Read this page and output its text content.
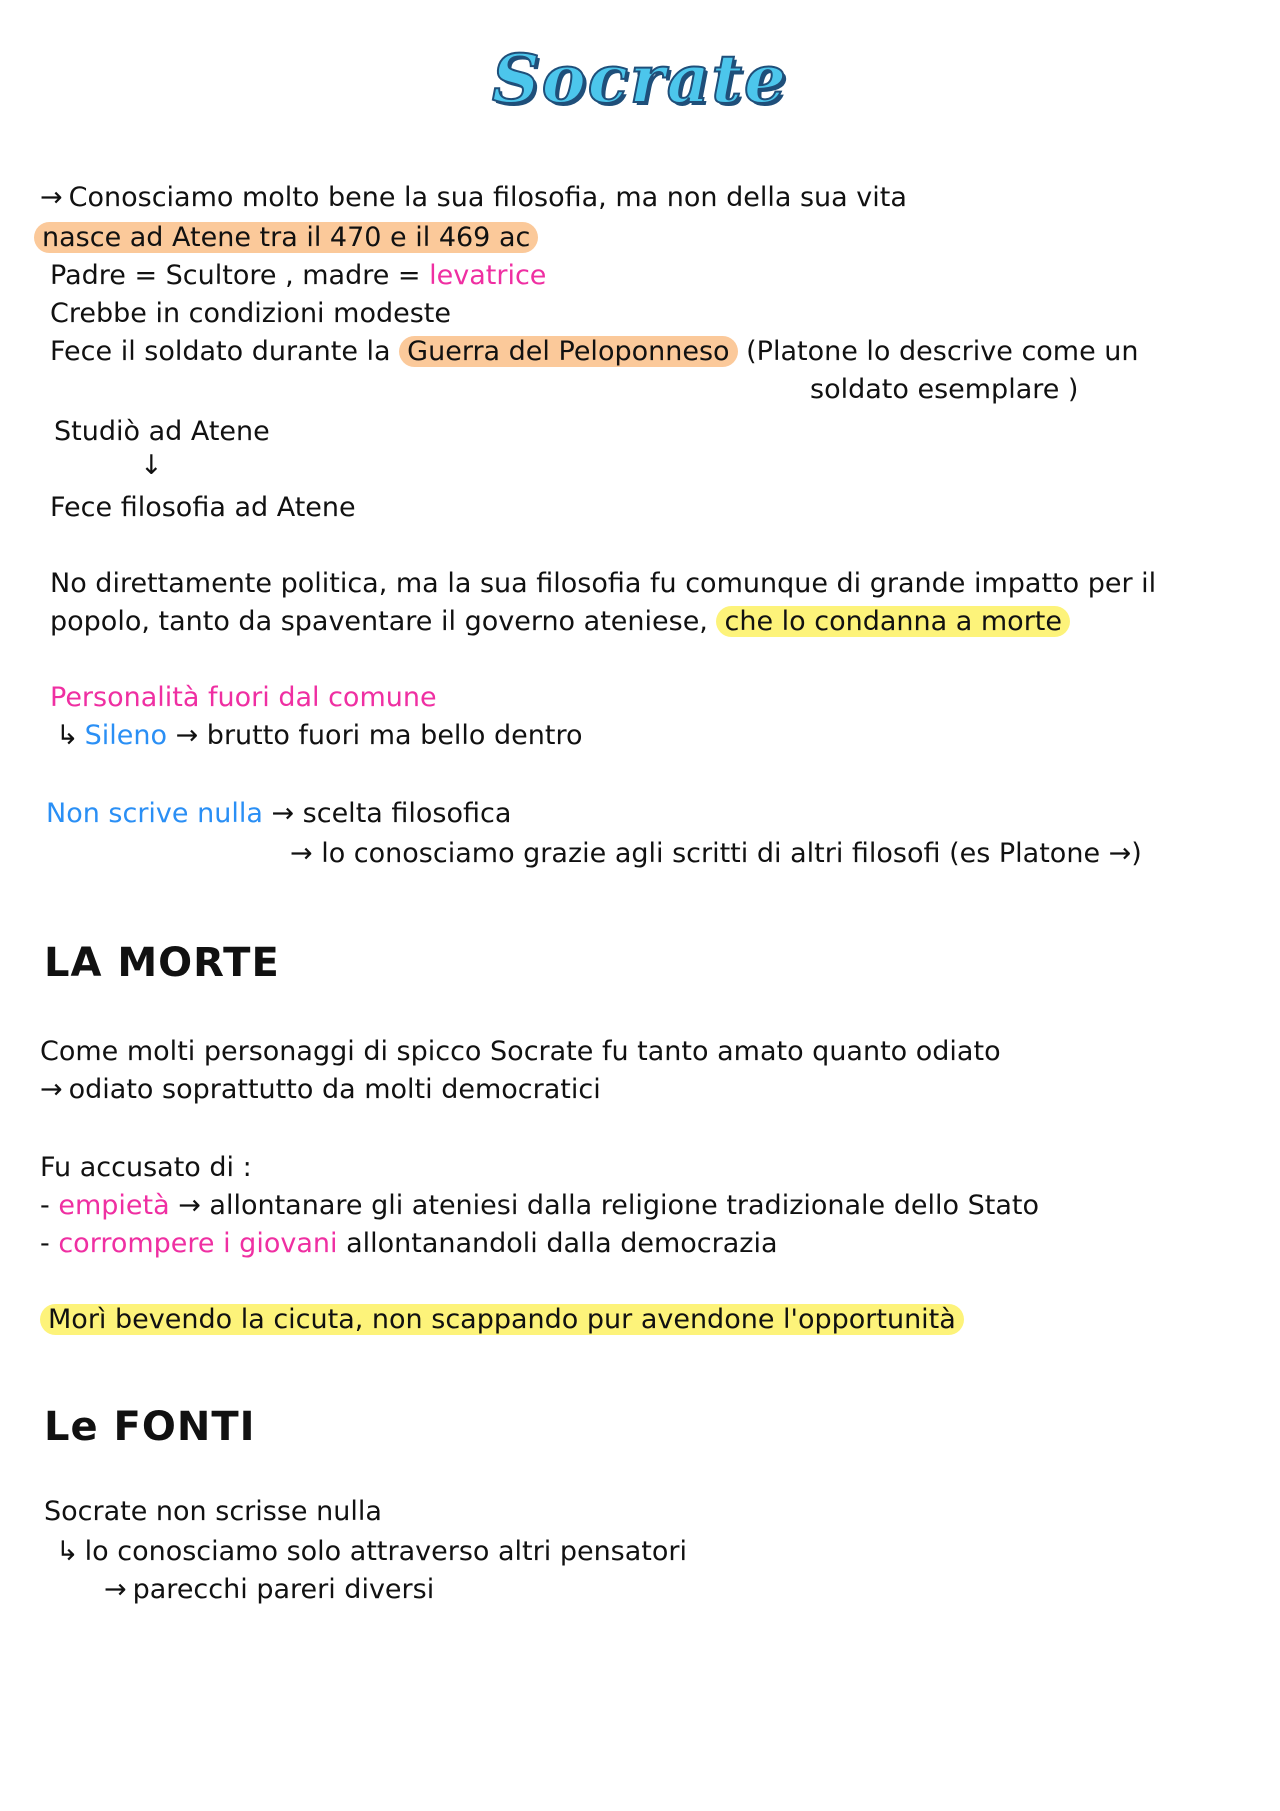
Socrate
→ Conosciamo molto bene la sua filosofia, ma non della sua vita
nasce ad Atene tra il 470 e il 469 ac
Padre = Scultore , madre = levatrice
Crebbe in condizioni modeste
Fece il soldato durante la Guerra del Peloponneso (Platone lo descrive come un
soldato esemplare )
Studiò ad Atene
↓
Fece filosofia ad Atene
No direttamente politica, ma la sua filosofia fu comunque di grande impatto per il
popolo, tanto da spaventare il governo ateniese, che lo condanna a morte
Personalità fuori dal comune
↳ Sileno → brutto fuori ma bello dentro
Non scrive nulla → scelta filosofica
→ lo conosciamo grazie agli scritti di altri filosofi (es Platone →)
LA MORTE
Come molti personaggi di spicco Socrate fu tanto amato quanto odiato
→ odiato soprattutto da molti democratici
Fu accusato di :
- empietà → allontanare gli ateniesi dalla religione tradizionale dello Stato
- corrompere i giovani allontanandoli dalla democrazia
Morì bevendo la cicuta, non scappando pur avendone l'opportunità
Le FONTI
Socrate non scrisse nulla
↳ lo conosciamo solo attraverso altri pensatori
→ parecchi pareri diversi
